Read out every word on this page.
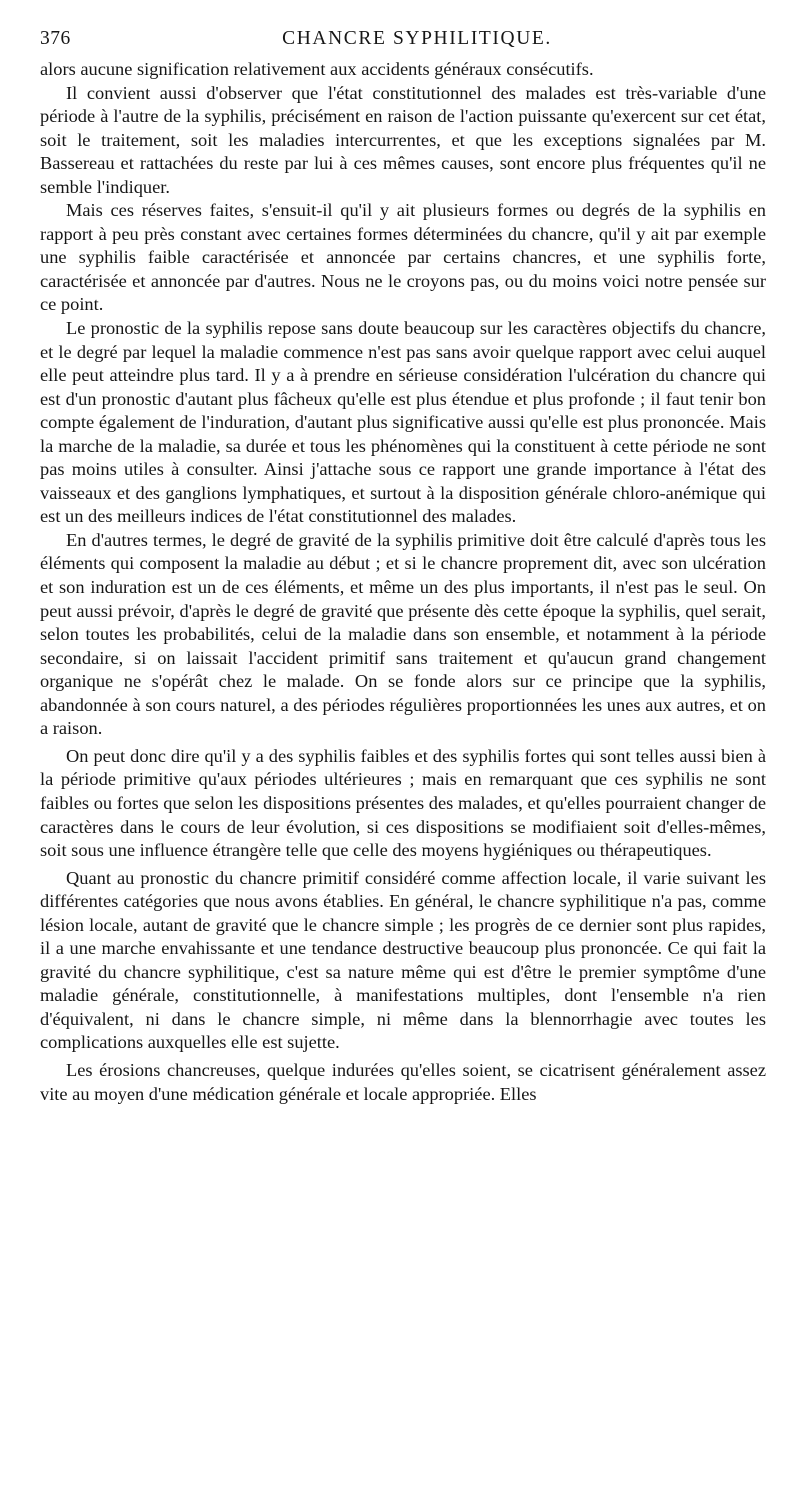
376	CHANCRE SYPHILITIQUE.

alors aucune signification relativement aux accidents généraux consécutifs.

Il convient aussi d'observer que l'état constitutionnel des malades est très-variable d'une période à l'autre de la syphilis, précisément en raison de l'action puissante qu'exercent sur cet état, soit le traitement, soit les maladies intercurrentes, et que les exceptions signalées par M. Bassereau et rattachées du reste par lui à ces mêmes causes, sont encore plus fréquentes qu'il ne semble l'indiquer.

Mais ces réserves faites, s'ensuit-il qu'il y ait plusieurs formes ou degrés de la syphilis en rapport à peu près constant avec certaines formes déterminées du chancre, qu'il y ait par exemple une syphilis faible caractérisée et annoncée par certains chancres, et une syphilis forte, caractérisée et annoncée par d'autres. Nous ne le croyons pas, ou du moins voici notre pensée sur ce point.

Le pronostic de la syphilis repose sans doute beaucoup sur les caractères objectifs du chancre, et le degré par lequel la maladie commence n'est pas sans avoir quelque rapport avec celui auquel elle peut atteindre plus tard. Il y a à prendre en sérieuse considération l'ulcération du chancre qui est d'un pronostic d'autant plus fâcheux qu'elle est plus étendue et plus profonde ; il faut tenir bon compte également de l'induration, d'autant plus significative aussi qu'elle est plus prononcée. Mais la marche de la maladie, sa durée et tous les phénomènes qui la constituent à cette période ne sont pas moins utiles à consulter. Ainsi j'attache sous ce rapport une grande importance à l'état des vaisseaux et des ganglions lymphatiques, et surtout à la disposition générale chloro-anémique qui est un des meilleurs indices de l'état constitutionnel des malades.

En d'autres termes, le degré de gravité de la syphilis primitive doit être calculé d'après tous les éléments qui composent la maladie au début ; et si le chancre proprement dit, avec son ulcération et son induration est un de ces éléments, et même un des plus importants, il n'est pas le seul. On peut aussi prévoir, d'après le degré de gravité que présente dès cette époque la syphilis, quel serait, selon toutes les probabilités, celui de la maladie dans son ensemble, et notamment à la période secondaire, si on laissait l'accident primitif sans traitement et qu'aucun grand changement organique ne s'opérât chez le malade. On se fonde alors sur ce principe que la syphilis, abandonnée à son cours naturel, a des périodes régulières proportionnées les unes aux autres, et on a raison.

On peut donc dire qu'il y a des syphilis faibles et des syphilis fortes qui sont telles aussi bien à la période primitive qu'aux périodes ultérieures ; mais en remarquant que ces syphilis ne sont faibles ou fortes que selon les dispositions présentes des malades, et qu'elles pourraient changer de caractères dans le cours de leur évolution, si ces dispositions se modifiaient soit d'elles-mêmes, soit sous une influence étrangère telle que celle des moyens hygiéniques ou thérapeutiques.

Quant au pronostic du chancre primitif considéré comme affection locale, il varie suivant les différentes catégories que nous avons établies. En général, le chancre syphilitique n'a pas, comme lésion locale, autant de gravité que le chancre simple ; les progrès de ce dernier sont plus rapides, il a une marche envahissante et une tendance destructive beaucoup plus prononcée. Ce qui fait la gravité du chancre syphilitique, c'est sa nature même qui est d'être le premier symptôme d'une maladie générale, constitutionnelle, à manifestations multiples, dont l'ensemble n'a rien d'équivalent, ni dans le chancre simple, ni même dans la blennorrhagie avec toutes les complications auxquelles elle est sujette.

Les érosions chancreuses, quelque indurées qu'elles soient, se cicatrisent généralement assez vite au moyen d'une médication générale et locale appropriée. Elles
